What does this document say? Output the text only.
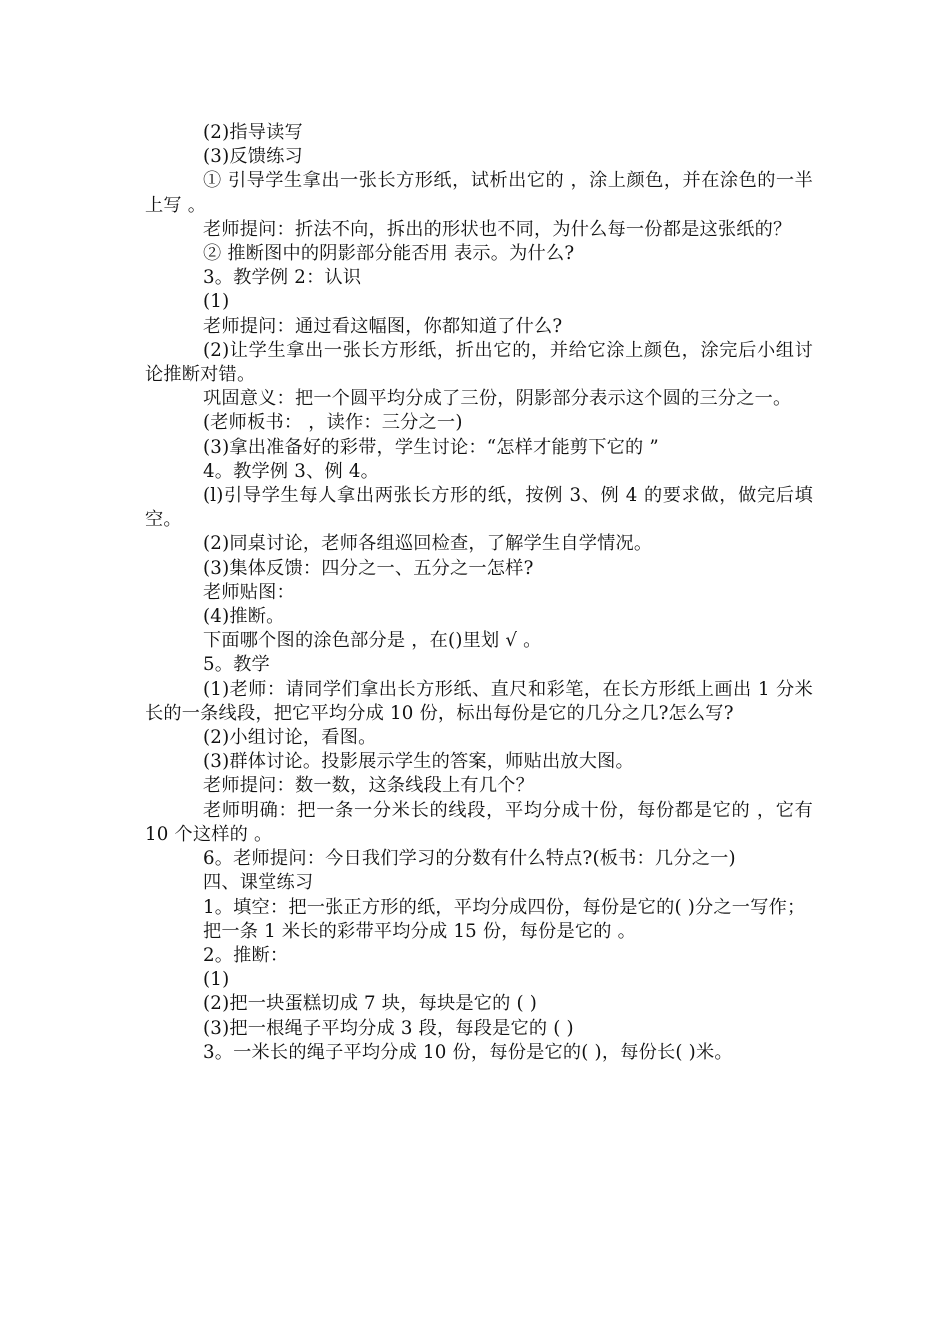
(2)指导读写

(3)反馈练习

① 引导学生拿出一张长方形纸，试析出它的 ，涂上颜色，并在涂色的一半上写 。

老师提问：折法不向，拆出的形状也不同，为什么每一份都是这张纸的？

② 推断图中的阴影部分能否用 表示。为什么?

3。教学例 2：认识

(1)

老师提问：通过看这幅图，你都知道了什么?

(2)让学生拿出一张长方形纸，折出它的，并给它涂上颜色，涂完后小组讨论推断对错。

巩固意义：把一个圆平均分成了三份，阴影部分表示这个圆的三分之一。

(老师板书： ，读作：三分之一)

(3)拿出准备好的彩带，学生讨论：“怎样才能剪下它的 ”

4。教学例 3、例 4。

(l)引导学生每人拿出两张长方形的纸，按例 3、例 4 的要求做，做完后填空。

(2)同桌讨论，老师各组巡回检查，了解学生自学情况。

(3)集体反馈：四分之一、五分之一怎样?

老师贴图：

(4)推断。

下面哪个图的涂色部分是 ，在()里划 √ 。

5。教学

(1)老师：请同学们拿出长方形纸、直尺和彩笔，在长方形纸上画出 1 分米长的一条线段，把它平均分成 10 份，标出每份是它的几分之几?怎么写?

(2)小组讨论，看图。

(3)群体讨论。投影展示学生的答案，师贴出放大图。

老师提问：数一数，这条线段上有几个？

老师明确：把一条一分米长的线段，平均分成十份，每份都是它的 ，它有 10 个这样的 。

6。老师提问：今日我们学习的分数有什么特点?(板书：几分之一)

四、课堂练习

1。填空：把一张正方形的纸，平均分成四份，每份是它的( )分之一写作；

把一条 1 米长的彩带平均分成 15 份，每份是它的 。

2。推断：

(1)

(2)把一块蛋糕切成 7 块，每块是它的 ( )

(3)把一根绳子平均分成 3 段，每段是它的 ( )

3。一米长的绳子平均分成 10 份，每份是它的( )，每份长( )米。
